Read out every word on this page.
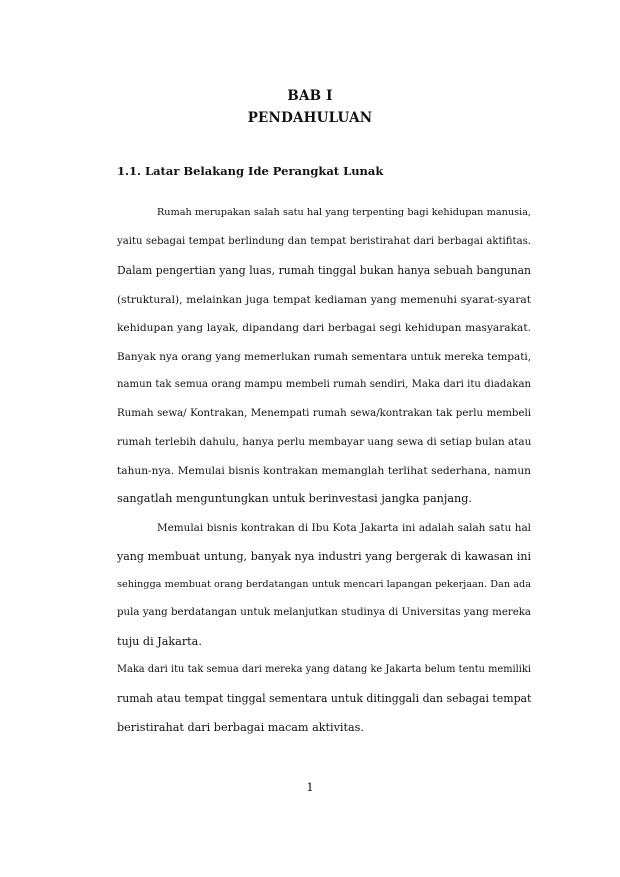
BAB I
PENDAHULUAN
1.1. Latar Belakang Ide Perangkat Lunak
Rumah merupakan salah satu hal yang terpenting bagi kehidupan manusia,
yaitu sebagai tempat berlindung dan tempat beristirahat dari berbagai aktifitas.
Dalam pengertian yang luas, rumah tinggal bukan hanya sebuah bangunan
(struktural), melainkan juga tempat kediaman yang memenuhi syarat-syarat
kehidupan yang layak, dipandang dari berbagai segi kehidupan masyarakat.
Banyak nya orang yang memerlukan rumah sementara untuk mereka tempati,
namun tak semua orang mampu membeli rumah sendiri, Maka dari itu diadakan
Rumah sewa/ Kontrakan, Menempati rumah sewa/kontrakan tak perlu membeli
rumah terlebih dahulu, hanya perlu membayar uang sewa di setiap bulan atau
tahun-nya. Memulai bisnis kontrakan memanglah terlihat sederhana, namun
sangatlah menguntungkan untuk berinvestasi jangka panjang.
Memulai bisnis kontrakan di Ibu Kota Jakarta ini adalah salah satu hal
yang membuat untung, banyak nya industri yang bergerak di kawasan ini
sehingga membuat orang berdatangan untuk mencari lapangan pekerjaan. Dan ada
pula yang berdatangan untuk melanjutkan studinya di Universitas yang mereka
tuju di Jakarta.
Maka dari itu tak semua dari mereka yang datang ke Jakarta belum tentu memiliki
rumah atau tempat tinggal sementara untuk ditinggali dan sebagai tempat
beristirahat dari berbagai macam aktivitas.
1
